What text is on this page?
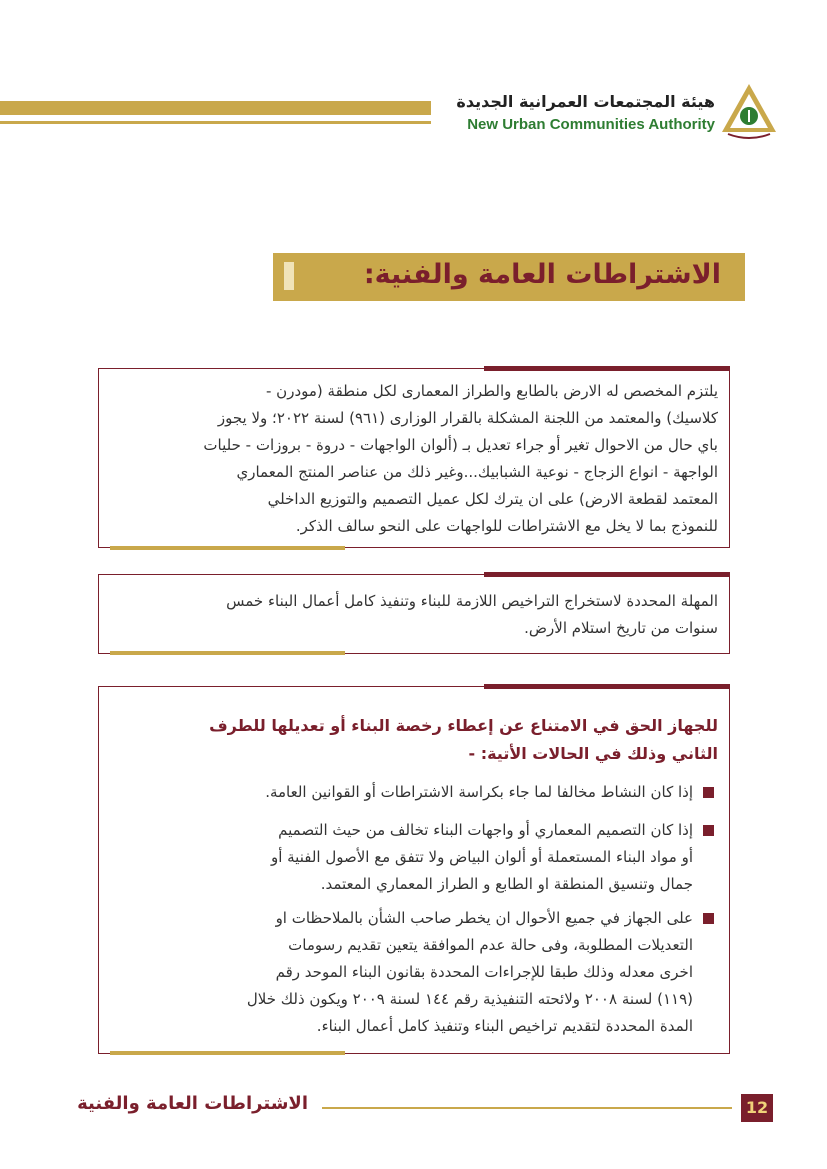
هيئة المجتمعات العمرانية الجديدة
New Urban Communities Authority
الاشتراطات العامة والفنية:
يلتزم المخصص له الارض بالطابع والطراز المعمارى لكل منطقة (مودرن -
كلاسيك) والمعتمد من اللجنة المشكلة بالقرار الوزارى (٩٦١) لسنة ٢٠٢٢؛ ولا يجوز
باي حال من الاحوال تغير أو جراء تعديل بـ (ألوان الواجهات - دروة - بروزات - حليات
الواجهة - انواع الزجاج - نوعية الشبابيك...وغير ذلك من عناصر المنتج المعماري
المعتمد لقطعة الارض) على ان يترك لكل عميل التصميم والتوزيع الداخلي
للنموذج بما لا يخل مع الاشتراطات للواجهات على النحو سالف الذكر.
المهلة المحددة لاستخراج التراخيص اللازمة للبناء وتنفيذ كامل أعمال البناء خمس
سنوات من تاريخ استلام الأرض.
للجهاز الحق في الامتناع عن إعطاء رخصة البناء أو تعديلها للطرف
الثاني وذلك في الحالات الأتية: -
إذا كان النشاط مخالفا لما جاء بكراسة الاشتراطات أو القوانين العامة.
إذا كان التصميم المعماري أو واجهات البناء تخالف من حيث التصميم
أو مواد البناء المستعملة أو ألوان البياض ولا تتفق مع الأصول الفنية أو
جمال وتنسيق المنطقة او الطابع و الطراز المعماري المعتمد.
على الجهاز في جميع الأحوال ان يخطر صاحب الشأن بالملاحظات او
التعديلات المطلوبة، وفى حالة عدم الموافقة يتعين تقديم رسومات
اخرى معدله وذلك طبقا للإجراءات المحددة بقانون البناء الموحد رقم
(١١٩) لسنة ٢٠٠٨ ولائحته التنفيذية رقم ١٤٤ لسنة ٢٠٠٩ ويكون ذلك خلال
المدة المحددة لتقديم تراخيص البناء وتنفيذ كامل أعمال البناء.
الاشتراطات العامة والفنية	12
